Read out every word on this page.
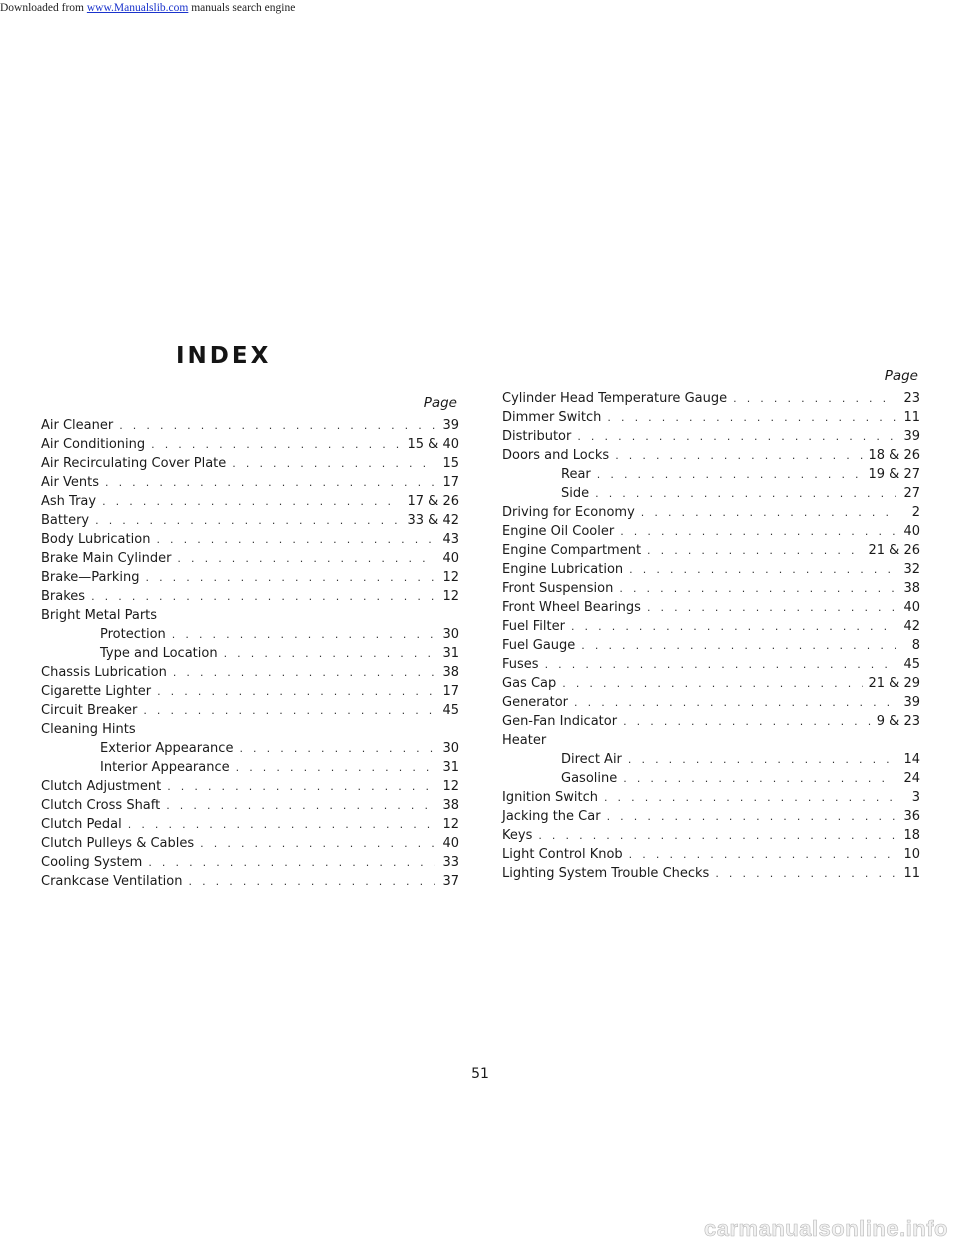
Downloaded from www.Manualslib.com manuals search engine
INDEX
Page
Air Cleaner . . .	39
Air Conditioning . . .	15 & 40
Air Recirculating Cover Plate . . .	15
Air Vents . . .	17
Ash Tray . . .	17 & 26
Battery . . .	33 & 42
Body Lubrication . . .	43
Brake Main Cylinder . . .	40
Brake—Parking . . .	12
Brakes . . .	12
Bright Metal Parts
Protection . . .	30
Type and Location . . .	31
Chassis Lubrication . . .	38
Cigarette Lighter . . .	17
Circuit Breaker . . .	45
Cleaning Hints
Exterior Appearance . . .	30
Interior Appearance . . .	31
Clutch Adjustment . . .	12
Clutch Cross Shaft . . .	38
Clutch Pedal . . .	12
Clutch Pulleys & Cables . . .	40
Cooling System . . .	33
Crankcase Ventilation . . .	37
Page
Cylinder Head Temperature Gauge . . .	23
Dimmer Switch . . .	11
Distributor . . .	39
Doors and Locks . . .	18 & 26
Rear . . .	19 & 27
Side . . .	27
Driving for Economy . . .	2
Engine Oil Cooler . . .	40
Engine Compartment . . .	21 & 26
Engine Lubrication . . .	32
Front Suspension . . .	38
Front Wheel Bearings . . .	40
Fuel Filter . . .	42
Fuel Gauge . . .	8
Fuses . . .	45
Gas Cap . . .	21 & 29
Generator . . .	39
Gen-Fan Indicator . . .	9 & 23
Heater
Direct Air . . .	14
Gasoline . . .	24
Ignition Switch . . .	3
Jacking the Car . . .	36
Keys . . .	18
Light Control Knob . . .	10
Lighting System Trouble Checks . . .	11
51
carmanualsonline.info
